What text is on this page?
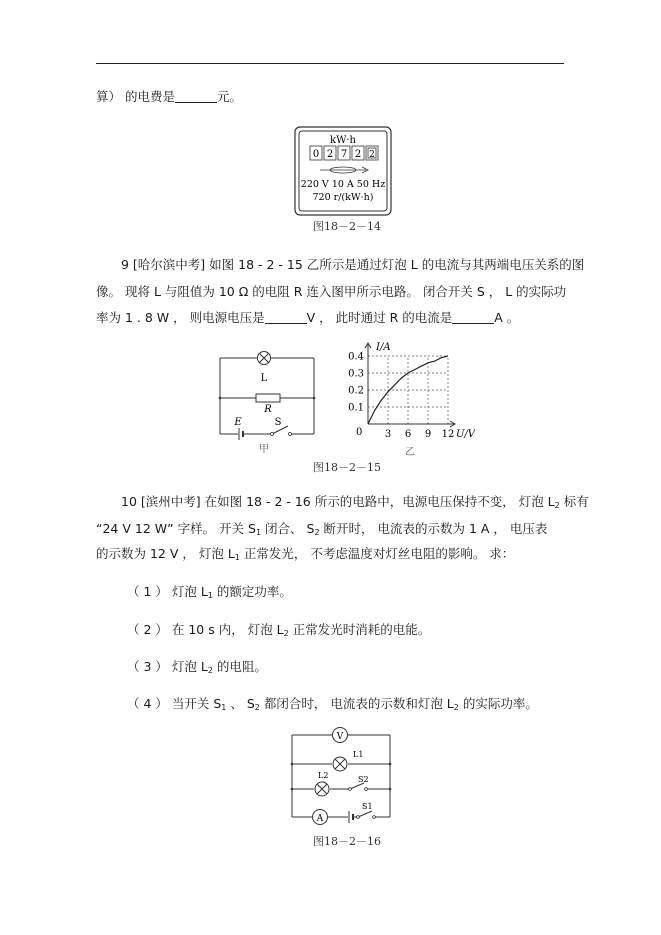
算） 的电费是	元。
kW·h
0 2 7 2 2
220 V 10 A 50 Hz
720 r/(kW·h)
图18－2－14
9 [哈尔滨中考] 如图 18 - 2 - 15 乙所示是通过灯泡 L 的电流与其两端电压关系的图
像。 现将 L 与阻值为 10 Ω 的电阻 R 连入图甲所示电路。 闭合开关 S ， L 的实际功
率为 1 . 8 W ， 则电源电压是	V ， 此时通过 R 的电流是	A 。
L
R
E	S
甲
3 6 9 12
0.1
0.2
0.3
0.4
I/A
U/V
0
乙
图18－2－15
10 [滨州中考] 在如图 18 - 2 - 16 所示的电路中，电源电压保持不变， 灯泡 $L_2$ 标有
“24 V 12 W” 字样。 开关 $S_1$ 闭合、 $S_2$ 断开时， 电流表的示数为 1 A ， 电压表
的示数为 12 V ， 灯泡 $L_1$ 正常发光， 不考虑温度对灯丝电阻的影响。 求：
（ 1 ） 灯泡 $L_1$ 的额定功率。
（ 2 ） 在 10 s 内， 灯泡 $L_2$ 正常发光时消耗的电能。
（ 3 ） 灯泡 $L_2$ 的电阻。
（ 4 ） 当开关 $S_1$ 、 $S_2$ 都闭合时， 电流表的示数和灯泡 $L_2$ 的实际功率。
V
A
L1
L2	S2
S1
图18－2－16
